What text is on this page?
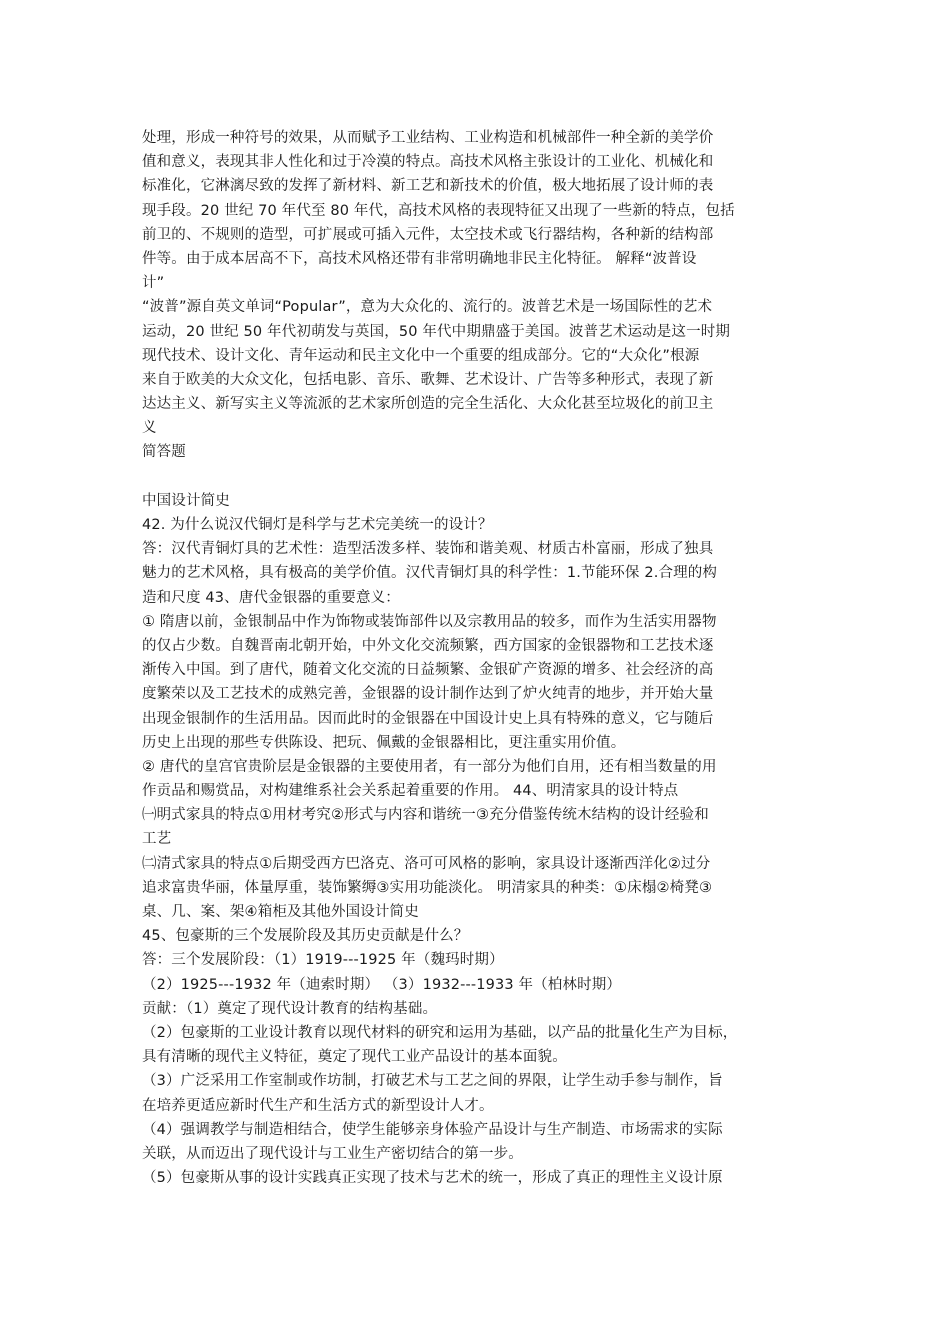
处理，形成一种符号的效果，从而赋予工业结构、工业构造和机械部件一种全新的美学价
值和意义，表现其非人性化和过于冷漠的特点。高技术风格主张设计的工业化、机械化和
标准化，它淋漓尽致的发挥了新材料、新工艺和新技术的价值，极大地拓展了设计师的表
现手段。20 世纪 70 年代至 80 年代，高技术风格的表现特征又出现了一些新的特点，包括
前卫的、不规则的造型，可扩展或可插入元件，太空技术或飞行器结构，各种新的结构部
件等。由于成本居高不下，高技术风格还带有非常明确地非民主化特征。 解释“波普设
计”
“波普”源自英文单词“Popular”，意为大众化的、流行的。波普艺术是一场国际性的艺术
运动，20 世纪 50 年代初萌发与英国，50 年代中期鼎盛于美国。波普艺术运动是这一时期
现代技术、设计文化、青年运动和民主文化中一个重要的组成部分。它的“大众化”根源
来自于欧美的大众文化，包括电影、音乐、歌舞、艺术设计、广告等多种形式，表现了新
达达主义、新写实主义等流派的艺术家所创造的完全生活化、大众化甚至垃圾化的前卫主
义
简答题
中国设计简史
42. 为什么说汉代铜灯是科学与艺术完美统一的设计？
答：汉代青铜灯具的艺术性：造型活泼多样、装饰和谐美观、材质古朴富丽，形成了独具
魅力的艺术风格，具有极高的美学价值。汉代青铜灯具的科学性：1.节能环保 2.合理的构
造和尺度 43、唐代金银器的重要意义：
① 隋唐以前，金银制品中作为饰物或装饰部件以及宗教用品的较多，而作为生活实用器物
的仅占少数。自魏晋南北朝开始，中外文化交流频繁，西方国家的金银器物和工艺技术逐
渐传入中国。到了唐代，随着文化交流的日益频繁、金银矿产资源的增多、社会经济的高
度繁荣以及工艺技术的成熟完善，金银器的设计制作达到了炉火纯青的地步，并开始大量
出现金银制作的生活用品。因而此时的金银器在中国设计史上具有特殊的意义，它与随后
历史上出现的那些专供陈设、把玩、佩戴的金银器相比，更注重实用价值。
② 唐代的皇宫官贵阶层是金银器的主要使用者，有一部分为他们自用，还有相当数量的用
作贡品和赐赏品，对构建维系社会关系起着重要的作用。 44、明清家具的设计特点
㈠明式家具的特点①用材考究②形式与内容和谐统一③充分借鉴传统木结构的设计经验和
工艺
㈡清式家具的特点①后期受西方巴洛克、洛可可风格的影响，家具设计逐渐西洋化②过分
追求富贵华丽，体量厚重，装饰繁缛③实用功能淡化。 明清家具的种类：①床榻②椅凳③
桌、几、案、架④箱柜及其他外国设计简史
45、包豪斯的三个发展阶段及其历史贡献是什么？
答：三个发展阶段：（1）1919---1925 年（魏玛时期）
（2）1925---1932 年（迪索时期） （3）1932---1933 年（柏林时期）
贡献：（1）奠定了现代设计教育的结构基础。
（2）包豪斯的工业设计教育以现代材料的研究和运用为基础，以产品的批量化生产为目标，
具有清晰的现代主义特征，奠定了现代工业产品设计的基本面貌。
（3）广泛采用工作室制或作坊制，打破艺术与工艺之间的界限，让学生动手参与制作，旨
在培养更适应新时代生产和生活方式的新型设计人才。
（4）强调教学与制造相结合，使学生能够亲身体验产品设计与生产制造、市场需求的实际
关联，从而迈出了现代设计与工业生产密切结合的第一步。
（5）包豪斯从事的设计实践真正实现了技术与艺术的统一，形成了真正的理性主义设计原
